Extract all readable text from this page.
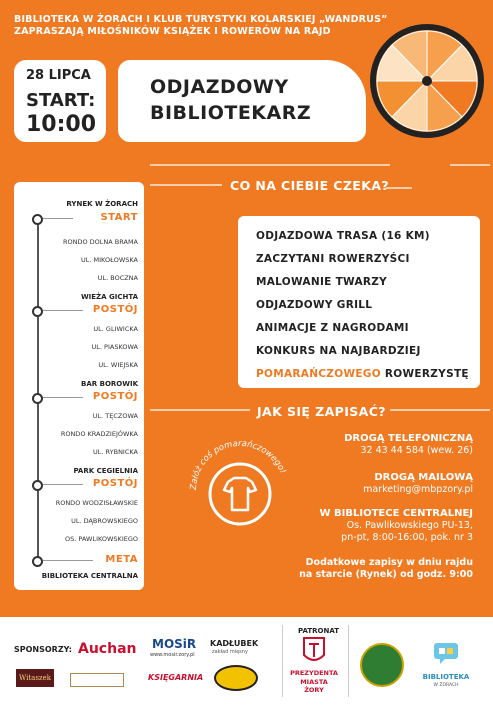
BIBLIOTEKA W ŻORACH I KLUB TURYSTYKI KOLARSKIEJ „WANDRUS”
ZAPRASZAJĄ MIŁOŚNIKÓW KSIĄŻEK I ROWERÓW NA RAJD
28 LIPCA
START:
10:00
ODJAZDOWY
BIBLIOTEKARZ
RYNEK W ŻORACH
START
RONDO DOLNA BRAMA
UL. MIKOŁOWSKA
UL. BOCZNA
WIEŻA GICHTA
POSTÓJ
UL. GLIWICKA
UL. PIASKOWA
UL. WIEJSKA
BAR BOROWIK
POSTÓJ
UL. TĘCZOWA
RONDO KRADZIEJÓWKA
UL. RYBNICKA
PARK CEGIELNIA
POSTÓJ
RONDO WODZISŁAWSKIE
UL. DĄBROWSKIEGO
OS. PAWLIKOWSKIEGO
META
BIBLIOTEKA CENTRALNA
CO NA CIEBIE CZEKA?
ODJAZDOWA TRASA (16 KM)
ZACZYTANI ROWERZYŚCI
MALOWANIE TWARZY
ODJAZDOWY GRILL
ANIMACJE Z NAGRODAMI
KONKURS NA NAJBARDZIEJ
POMARAŃCZOWEGO ROWERZYSTĘ
JAK SIĘ ZAPISAĆ?
DROGĄ TELEFONICZNĄ
32 43 44 584 (wew. 26)
DROGĄ MAILOWĄ
marketing@mbpzory.pl
W BIBLIOTECE CENTRALNEJ
Os. Pawlikowskiego PU-13,
pn-pt, 8:00-16:00, pok. nr 3
Dodatkowe zapisy w dniu rajdu
na starcie (Rynek) od godz. 9:00
Załóż coś pomarańczowego!
SPONSORZY: Auchan MOSiR
www.mosir.zory.pl
KADŁUBEK
zakład mięsny
Witaszek	KSIĘGARNIA
PATRONAT
PREZYDENTA
MIASTA ŻORY
BIBLIOTEKA
W ŻORACH
